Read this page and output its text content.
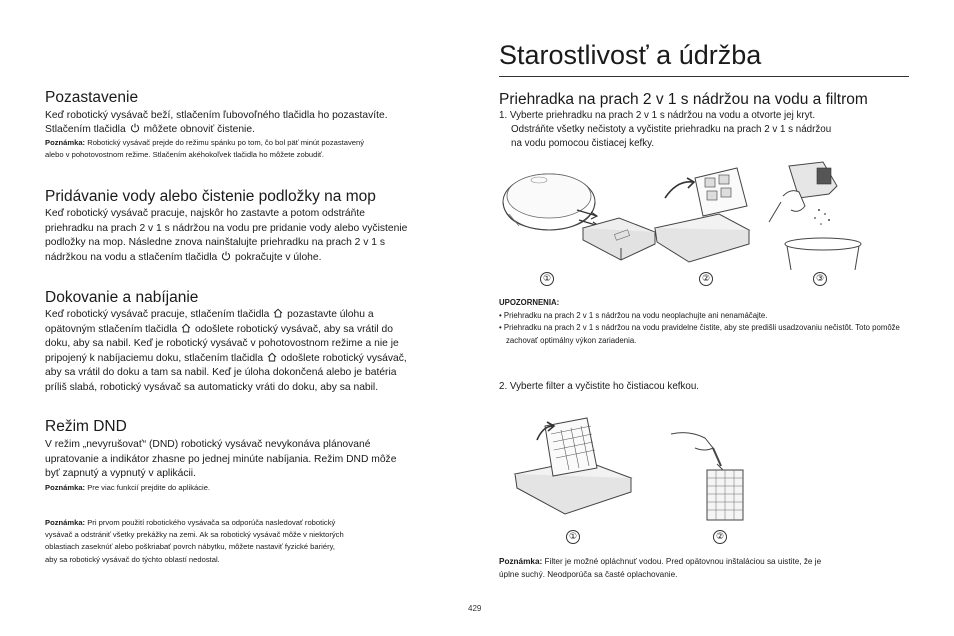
Pozastavenie

Keď robotický vysávač beží, stlačením ľubovoľného tlačidla ho pozastavíte.

Stlačením tlačidla môžete obnoviť čistenie.

Poznámka: Robotický vysávač prejde do režimu spánku po tom, čo bol päť minút pozastavený
alebo v pohotovostnom režime. Stlačením akéhokoľvek tlačidla ho môžete zobudiť.

Pridávanie vody alebo čistenie podložky na mop

Keď robotický vysávač pracuje, najskôr ho zastavte a potom odstráňte
priehradku na prach 2 v 1 s nádržou na vodu pre pridanie vody alebo vyčistenie
podložky na mop. Následne znova nainštalujte priehradku na prach 2 v 1 s
nádržkou na vodu a stlačením tlačidla pokračujte v úlohe.

Dokovanie a nabíjanie

Keď robotický vysávač pracuje, stlačením tlačidla pozastavte úlohu a
opätovným stlačením tlačidla odošlete robotický vysávač, aby sa vrátil do
doku, aby sa nabil. Keď je robotický vysávač v pohotovostnom režime a nie je
pripojený k nabíjaciemu doku, stlačením tlačidla odošlete robotický vysávač,
aby sa vrátil do doku a tam sa nabil. Keď je úloha dokončená alebo je batéria
príliš slabá, robotický vysávač sa automaticky vráti do doku, aby sa nabil.

Režim DND

V režim „nevyrušovať“ (DND) robotický vysávač nevykonáva plánované
upratovanie a indikátor zhasne po jednej minúte nabíjania. Režim DND môže
byť zapnutý a vypnutý v aplikácii.

Poznámka: Pre viac funkcií prejdite do aplikácie.

Poznámka: Pri prvom použití robotického vysávača sa odporúča nasledovať robotický
vysávač a odstrániť všetky prekážky na zemi. Ak sa robotický vysávač môže v niektorých
oblastiach zaseknúť alebo poškriabať povrch nábytku, môžete nastaviť fyzické bariéry,
aby sa robotický vysávač do týchto oblastí nedostal.

Starostlivosť a údržba
Priehradka na prach 2 v 1 s nádržou na vodu a filtrom

1. Vyberte priehradku na prach 2 v 1 s nádržou na vodu a otvorte jej kryt.
Odstráňte všetky nečistoty a vyčistite priehradku na prach 2 v 1 s nádržou
na vodu pomocou čistiacej kefky.

①	②	③
UPOZORNENIA:
• Priehradku na prach 2 v 1 s nádržou na vodu neoplachujte ani nenamáčajte.
• Priehradku na prach 2 v 1 s nádržou na vodu pravidelne čistite, aby ste predišli usadzovaniu nečistôt. Toto pomôže zachovať optimálny výkon zariadenia.

2. Vyberte filter a vyčistite ho čistiacou kefkou.

①	②

Poznámka: Filter je možné opláchnuť vodou. Pred opätovnou inštaláciou sa uistite, že je
úplne suchý. Neodporúča sa časté oplachovanie.

429
